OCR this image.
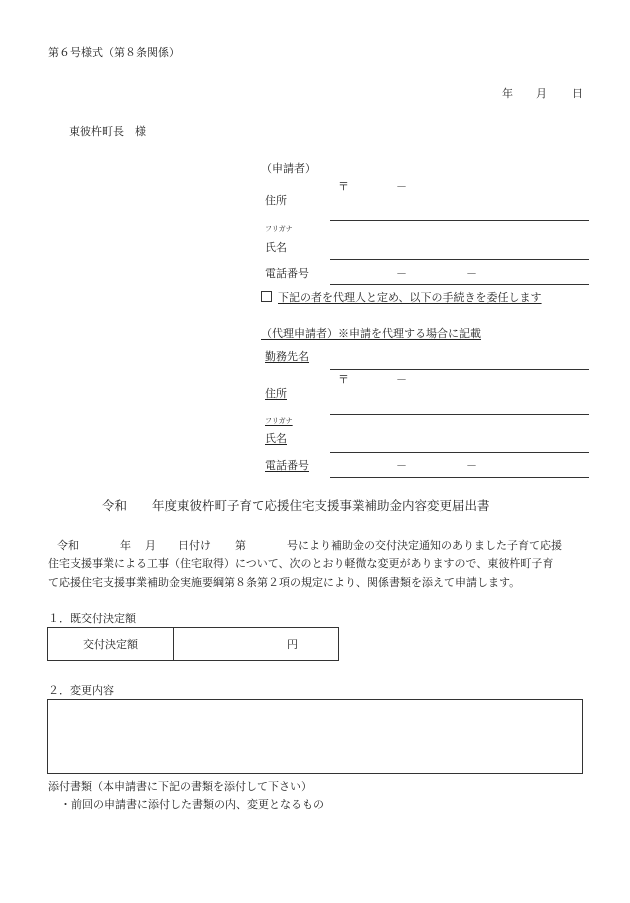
第６号様式（第８条関係）
年 月 日
東彼杵町長　様
（申請者）
〒	－
住所
フリガナ
氏名
電話番号	－	－
下記の者を代理人と定め、以下の手続きを委任します
（代理申請者）※申請を代理する場合に記載
勤務先名
〒	－
住所
フリガナ
氏名
電話番号	－	－
令和　　年度東彼杵町子育て応援住宅支援事業補助金内容変更届出書
令和	年 月 日付け 第	号により補助金の交付決定通知のありました子育て応援
住宅支援事業による工事（住宅取得）について、次のとおり軽微な変更がありますので、東彼杵町子育
て応援住宅支援事業補助金実施要綱第８条第２項の規定により、関係書類を添えて申請します。
１．既交付決定額
交付決定額	円
２．変更内容
添付書類（本申請書に下記の書類を添付して下さい）
・前回の申請書に添付した書類の内、変更となるもの
